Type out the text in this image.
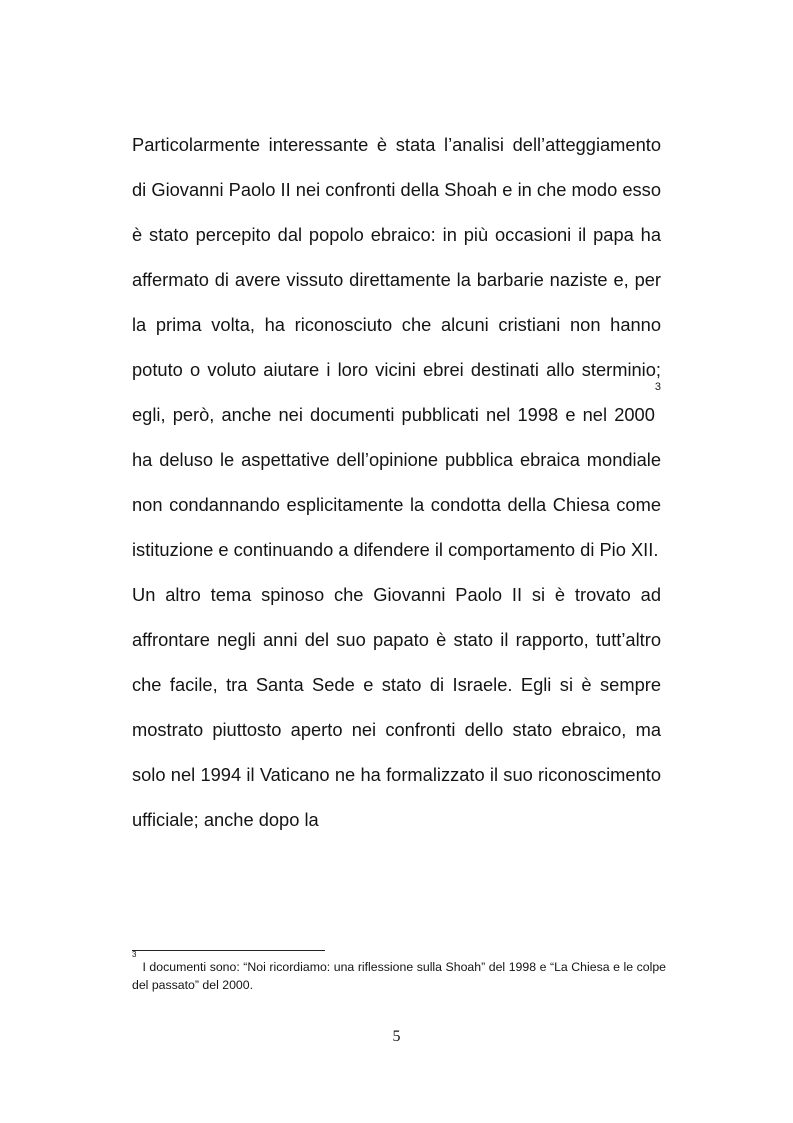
Particolarmente interessante è stata l’analisi dell’atteggiamento di Giovanni Paolo II nei confronti della Shoah e in che modo esso è stato percepito dal popolo ebraico: in più occasioni il papa ha affermato di avere vissuto direttamente la barbarie naziste e, per la prima volta, ha riconosciuto che alcuni cristiani non hanno potuto o voluto aiutare i loro vicini ebrei destinati allo sterminio; egli, però, anche nei documenti pubblicati nel 1998 e nel 2000$^3$ ha deluso le aspettative dell’opinione pubblica ebraica mondiale non condannando esplicitamente la condotta della Chiesa come istituzione e continuando a difendere il comportamento di Pio XII.

Un altro tema spinoso che Giovanni Paolo II si è trovato ad affrontare negli anni del suo papato è stato il rapporto, tutt’altro che facile, tra Santa Sede e stato di Israele. Egli si è sempre mostrato piuttosto aperto nei confronti dello stato ebraico, ma solo nel 1994 il Vaticano ne ha formalizzato il suo riconoscimento ufficiale; anche dopo la

$^3$I documenti sono: “Noi ricordiamo: una riflessione sulla Shoah” del 1998 e “La Chiesa e le colpe del passato” del 2000.
5
